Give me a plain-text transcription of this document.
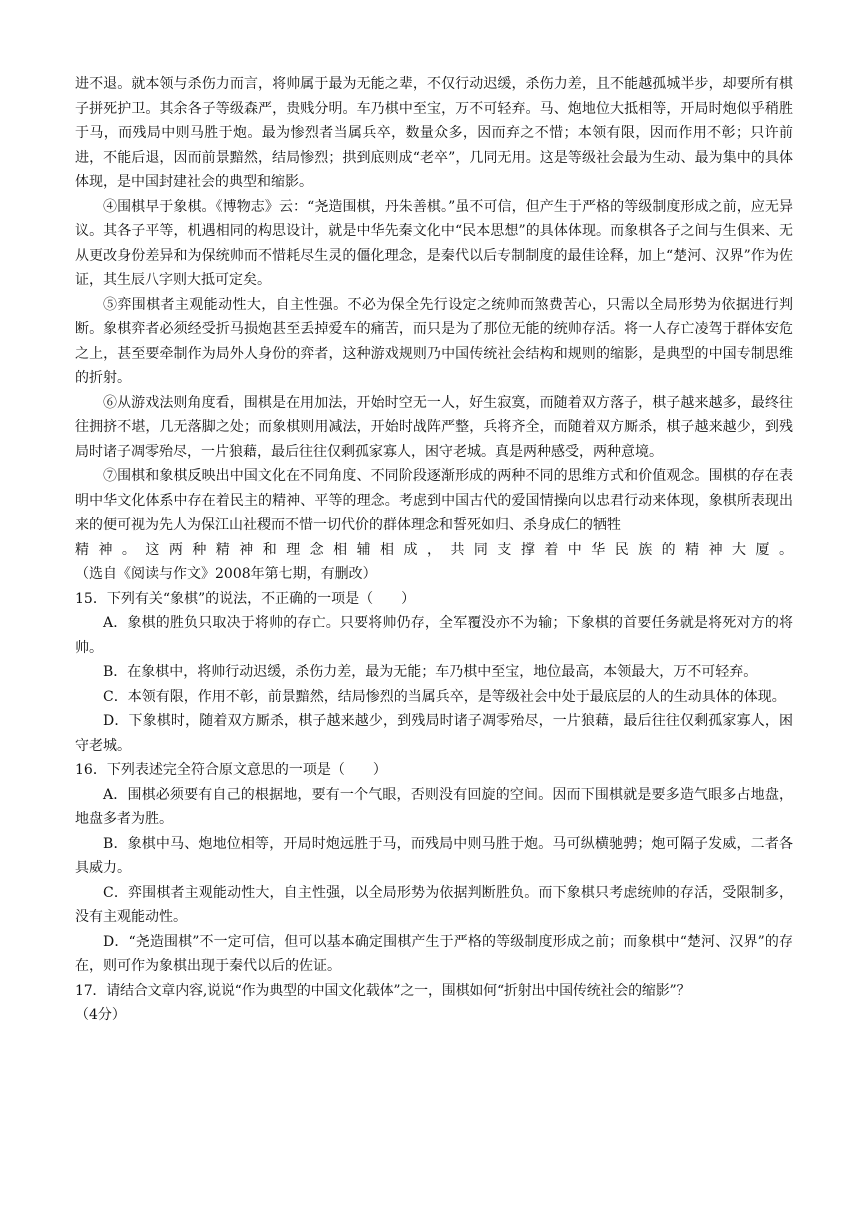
进不退。就本领与杀伤力而言，将帅属于最为无能之辈，不仅行动迟缓，杀伤力差，且不能越孤城半步，却要所有棋子拼死护卫。其余各子等级森严，贵贱分明。车乃棋中至宝，万不可轻弃。马、炮地位大抵相等，开局时炮似乎稍胜于马，而残局中则马胜于炮。最为惨烈者当属兵卒，数量众多，因而弃之不惜；本领有限，因而作用不彰；只许前进，不能后退，因而前景黯然，结局惨烈；拱到底则成“老卒”，几同无用。这是等级社会最为生动、最为集中的具体体现，是中国封建社会的典型和缩影。

④围棋早于象棋。《博物志》云：“尧造围棋，丹朱善棋。”虽不可信，但产生于严格的等级制度形成之前，应无异议。其各子平等，机遇相同的构思设计，就是中华先秦文化中“民本思想”的具体体现。而象棋各子之间与生俱来、无从更改身份差异和为保统帅而不惜耗尽生灵的僵化理念，是秦代以后专制制度的最佳诠释，加上“楚河、汉界”作为佐证，其生辰八字则大抵可定矣。

⑤弈围棋者主观能动性大，自主性强。不必为保全先行设定之统帅而煞费苦心，只需以全局形势为依据进行判断。象棋弈者必须经受折马损炮甚至丢掉爱车的痛苦，而只是为了那位无能的统帅存活。将一人存亡凌驾于群体安危之上，甚至要牵制作为局外人身份的弈者，这种游戏规则乃中国传统社会结构和规则的缩影，是典型的中国专制思维的折射。

⑥从游戏法则角度看，围棋是在用加法，开始时空无一人，好生寂寞，而随着双方落子，棋子越来越多，最终往往拥挤不堪，几无落脚之处；而象棋则用减法，开始时战阵严整，兵将齐全，而随着双方厮杀，棋子越来越少，到残局时诸子凋零殆尽，一片狼藉，最后往往仅剩孤家寡人，困守老城。真是两种感受，两种意境。

⑦围棋和象棋反映出中国文化在不同角度、不同阶段逐渐形成的两种不同的思维方式和价值观念。围棋的存在表明中华文化体系中存在着民主的精神、平等的理念。考虑到中国古代的爱国情操向以忠君行动来体现，象棋所表现出来的便可视为先人为保江山社稷而不惜一切代价的群体理念和誓死如归、杀身成仁的牺牲

精 神 。 这 两 种 精 神 和 理 念 相 辅 相 成 ， 共 同 支 撑 着 中 华 民 族 的 精 神 大 厦 。

（选自《阅读与作文》2008年第七期，有删改）

15．下列有关“象棋”的说法，不正确的一项是（　　）

A．象棋的胜负只取决于将帅的存亡。只要将帅仍存，全军覆没亦不为输；下象棋的首要任务就是将死对方的将帅。

B．在象棋中，将帅行动迟缓，杀伤力差，最为无能；车乃棋中至宝，地位最高，本领最大，万不可轻弃。

C．本领有限，作用不彰，前景黯然，结局惨烈的当属兵卒，是等级社会中处于最底层的人的生动具体的体现。

D．下象棋时，随着双方厮杀，棋子越来越少，到残局时诸子凋零殆尽，一片狼藉，最后往往仅剩孤家寡人，困守老城。

16．下列表述完全符合原文意思的一项是（　　）

A．围棋必须要有自己的根据地，要有一个气眼，否则没有回旋的空间。因而下围棋就是要多造气眼多占地盘，地盘多者为胜。

B．象棋中马、炮地位相等，开局时炮远胜于马，而残局中则马胜于炮。马可纵横驰骋；炮可隔子发威，二者各具威力。

C．弈围棋者主观能动性大，自主性强，以全局形势为依据判断胜负。而下象棋只考虑统帅的存活，受限制多，没有主观能动性。

D．“尧造围棋”不一定可信，但可以基本确定围棋产生于严格的等级制度形成之前；而象棋中“楚河、汉界”的存在，则可作为象棋出现于秦代以后的佐证。

17．请结合文章内容,说说“作为典型的中国文化载体”之一，围棋如何“折射出中国传统社会的缩影”？

（4分）
